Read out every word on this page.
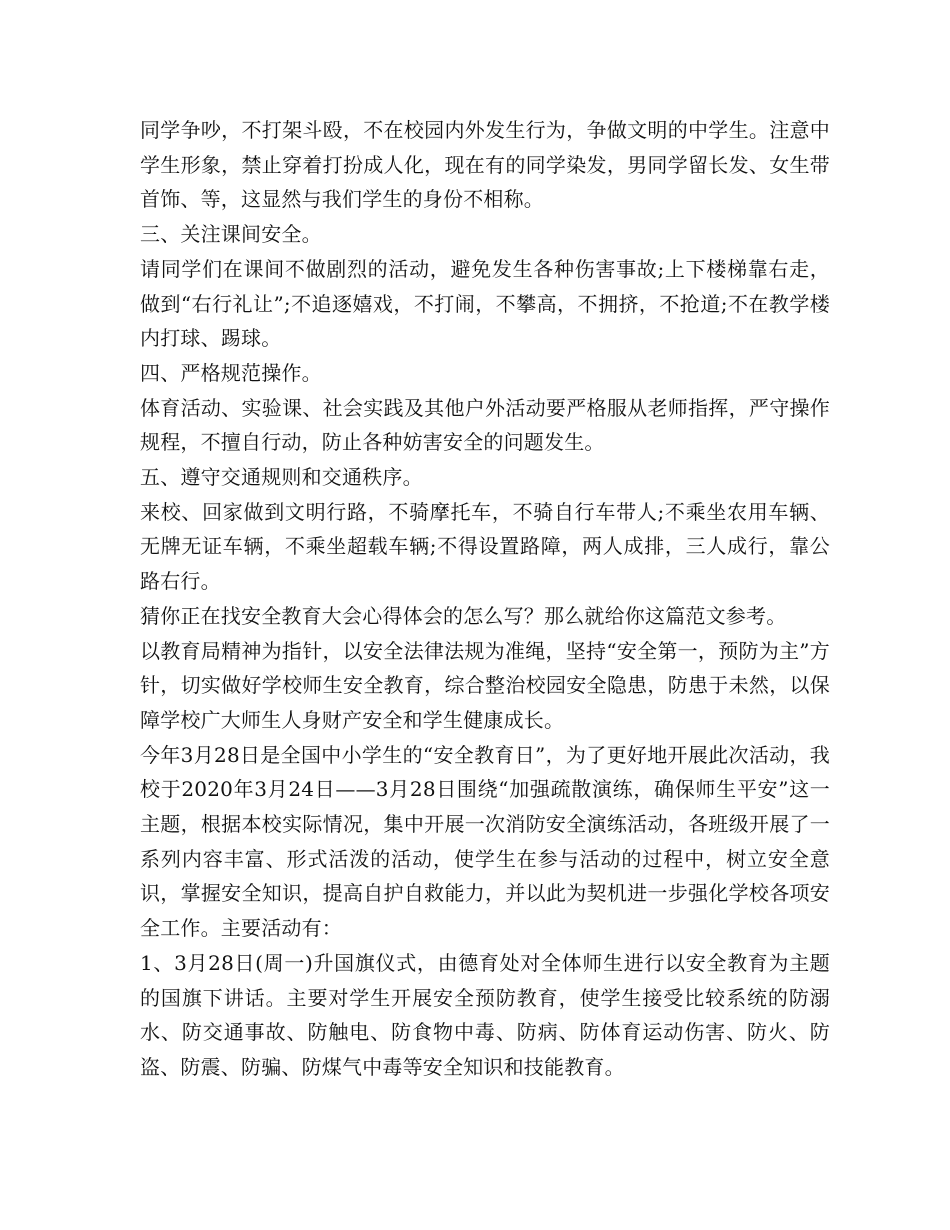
同学争吵，不打架斗殴，不在校园内外发生行为，争做文明的中学生。注意中学生形象，禁止穿着打扮成人化，现在有的同学染发，男同学留长发、女生带首饰、等，这显然与我们学生的身份不相称。

三、关注课间安全。

请同学们在课间不做剧烈的活动，避免发生各种伤害事故;上下楼梯靠右走，做到“右行礼让”;不追逐嬉戏，不打闹，不攀高，不拥挤，不抢道;不在教学楼内打球、踢球。

四、严格规范操作。

体育活动、实验课、社会实践及其他户外活动要严格服从老师指挥，严守操作规程，不擅自行动，防止各种妨害安全的问题发生。

五、遵守交通规则和交通秩序。

来校、回家做到文明行路，不骑摩托车，不骑自行车带人;不乘坐农用车辆、无牌无证车辆，不乘坐超载车辆;不得设置路障，两人成排，三人成行，靠公路右行。

猜你正在找安全教育大会心得体会的怎么写？那么就给你这篇范文参考。

以教育局精神为指针，以安全法律法规为准绳，坚持“安全第一，预防为主”方针，切实做好学校师生安全教育，综合整治校园安全隐患，防患于未然，以保障学校广大师生人身财产安全和学生健康成长。

今年3月28日是全国中小学生的“安全教育日”，为了更好地开展此次活动，我校于2020年3月24日——3月28日围绕“加强疏散演练，确保师生平安”这一主题，根据本校实际情况，集中开展一次消防安全演练活动，各班级开展了一系列内容丰富、形式活泼的活动，使学生在参与活动的过程中，树立安全意识，掌握安全知识，提高自护自救能力，并以此为契机进一步强化学校各项安全工作。主要活动有：

1、3月28日(周一)升国旗仪式，由德育处对全体师生进行以安全教育为主题的国旗下讲话。主要对学生开展安全预防教育，使学生接受比较系统的防溺水、防交通事故、防触电、防食物中毒、防病、防体育运动伤害、防火、防盗、防震、防骗、防煤气中毒等安全知识和技能教育。
